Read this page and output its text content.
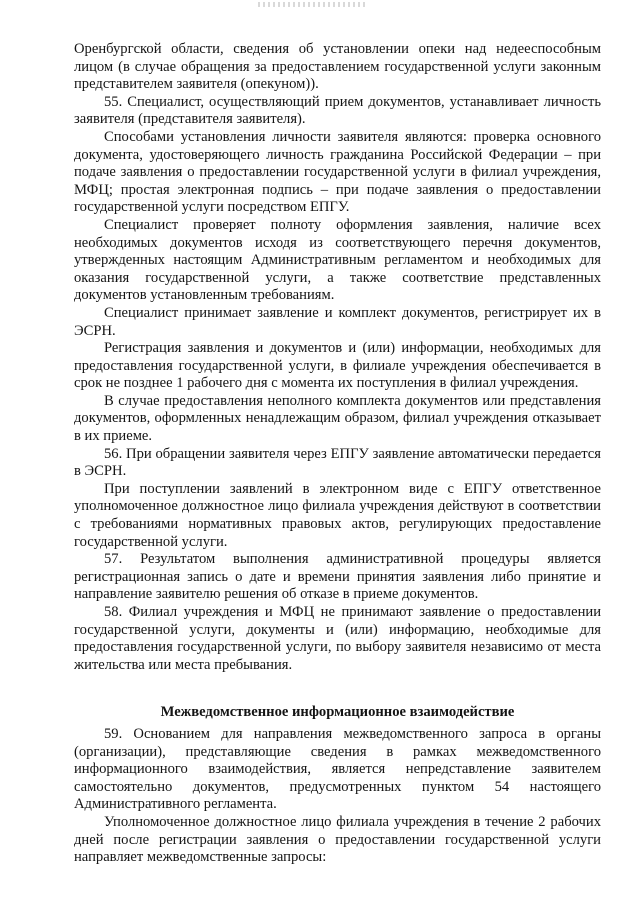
Оренбургской области, сведения об установлении опеки над недееспособным лицом (в случае обращения за предоставлением государственной услуги законным представителем заявителя (опекуном)).

55. Специалист, осуществляющий прием документов, устанавливает личность заявителя (представителя заявителя).

Способами установления личности заявителя являются: проверка основного документа, удостоверяющего личность гражданина Российской Федерации – при подаче заявления о предоставлении государственной услуги в филиал учреждения, МФЦ; простая электронная подпись – при подаче заявления о предоставлении государственной услуги посредством ЕПГУ.

Специалист проверяет полноту оформления заявления, наличие всех необходимых документов исходя из соответствующего перечня документов, утвержденных настоящим Административным регламентом и необходимых для оказания государственной услуги, а также соответствие представленных документов установленным требованиям.

Специалист принимает заявление и комплект документов, регистрирует их в ЭСРН.

Регистрация заявления и документов и (или) информации, необходимых для предоставления государственной услуги, в филиале учреждения обеспечивается в срок не позднее 1 рабочего дня с момента их поступления в филиал учреждения.

В случае предоставления неполного комплекта документов или представления документов, оформленных ненадлежащим образом, филиал учреждения отказывает в их приеме.

56. При обращении заявителя через ЕПГУ заявление автоматически передается в ЭСРН.

При поступлении заявлений в электронном виде с ЕПГУ ответственное уполномоченное должностное лицо филиала учреждения действуют в соответствии с требованиями нормативных правовых актов, регулирующих предоставление государственной услуги.

57. Результатом выполнения административной процедуры является регистрационная запись о дате и времени принятия заявления либо принятие и направление заявителю решения об отказе в приеме документов.

58. Филиал учреждения и МФЦ не принимают заявление о предоставлении государственной услуги, документы и (или) информацию, необходимые для предоставления государственной услуги, по выбору заявителя независимо от места жительства или места пребывания.

Межведомственное информационное взаимодействие

59. Основанием для направления межведомственного запроса в органы (организации), представляющие сведения в рамках межведомственного информационного взаимодействия, является непредставление заявителем самостоятельно документов, предусмотренных пунктом 54 настоящего Административного регламента.

Уполномоченное должностное лицо филиала учреждения в течение 2 рабочих дней после регистрации заявления о предоставлении государственной услуги направляет межведомственные запросы:
